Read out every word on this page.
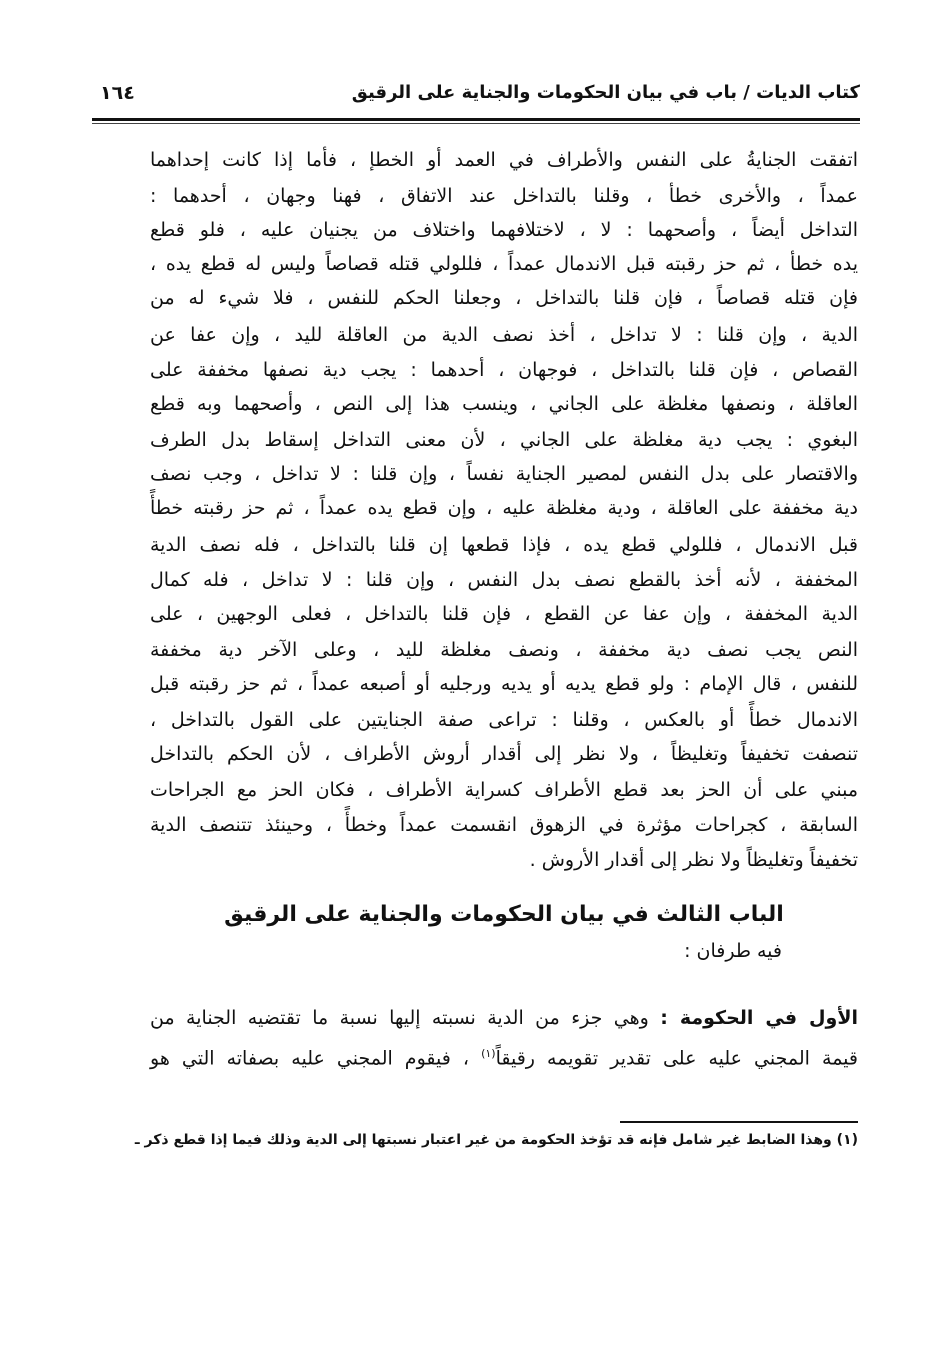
كتاب الديات / باب في بيان الحكومات والجناية على الرقيق
١٦٤
اتفقت الجنايةُ على النفس والأطراف في العمد أو الخطإ ، فأما إذا كانت إحداهما
عمداً ، والأخرى خطأ ، وقلنا بالتداخل عند الاتفاق ، فهنا وجهان ، أحدهما :
التداخل أيضاً ، وأصحهما : لا ، لاختلافهما واختلاف من يجنيان عليه ، فلو قطع
يده خطأ ، ثم حز رقبته قبل الاندمال عمداً ، فللولي قتله قصاصاً وليس له قطع يده ،
فإن قتله قصاصاً ، فإن قلنا بالتداخل ، وجعلنا الحكم للنفس ، فلا شيء له من
الدية ، وإن قلنا : لا تداخل ، أخذ نصف الدية من العاقلة لليد ، وإن عفا عن
القصاص ، فإن قلنا بالتداخل ، فوجهان ، أحدهما : يجب دية نصفها مخففة على
العاقلة ، ونصفها مغلظة على الجاني ، وينسب هذا إلى النص ، وأصحهما وبه قطع
البغوي : يجب دية مغلظة على الجاني ، لأن معنى التداخل إسقاط بدل الطرف
والاقتصار على بدل النفس لمصير الجناية نفساً ، وإن قلنا : لا تداخل ، وجب نصف
دية مخففة على العاقلة ، ودية مغلظة عليه ، وإن قطع يده عمداً ، ثم حز رقبته خطأً
قبل الاندمال ، فللولي قطع يده ، فإذا قطعها إن قلنا بالتداخل ، فله نصف الدية
المخففة ، لأنه أخذ بالقطع نصف بدل النفس ، وإن قلنا : لا تداخل ، فله كمال
الدية المخففة ، وإن عفا عن القطع ، فإن قلنا بالتداخل ، فعلى الوجهين ، على
النص يجب نصف دية مخففة ، ونصف مغلظة لليد ، وعلى الآخر دية مخففة
للنفس ، قال الإمام : ولو قطع يديه أو يديه ورجليه أو أصبعه عمداً ، ثم حز رقبته قبل
الاندمال خطأً أو بالعكس ، وقلنا : تراعى صفة الجنايتين على القول بالتداخل ،
تنصفت تخفيفاً وتغليظاً ، ولا نظر إلى أقدار أروش الأطراف ، لأن الحكم بالتداخل
مبني على أن الحز بعد قطع الأطراف كسراية الأطراف ، فكان الحز مع الجراحات
السابقة ، كجراحات مؤثرة في الزهوق انقسمت عمداً وخطأً ، وحينئذ تتنصف الدية
تخفيفاً وتغليظاً ولا نظر إلى أقدار الأروش .
الباب الثالث في بيان الحكومات والجناية على الرقيق
فيه طرفان :
الأول في الحكومة : وهي جزء من الدية نسبته إليها نسبة ما تقتضيه الجناية من
قيمة المجني عليه على تقدير تقويمه رقيقاً$^{(١)}$ ، فيقوم المجني عليه بصفاته التي هو
(١) وهذا الضابط غير شامل فإنه قد تؤخذ الحكومة من غير اعتبار نسبتها إلى الدية وذلك فيما إذا قطع ذكر ـ
